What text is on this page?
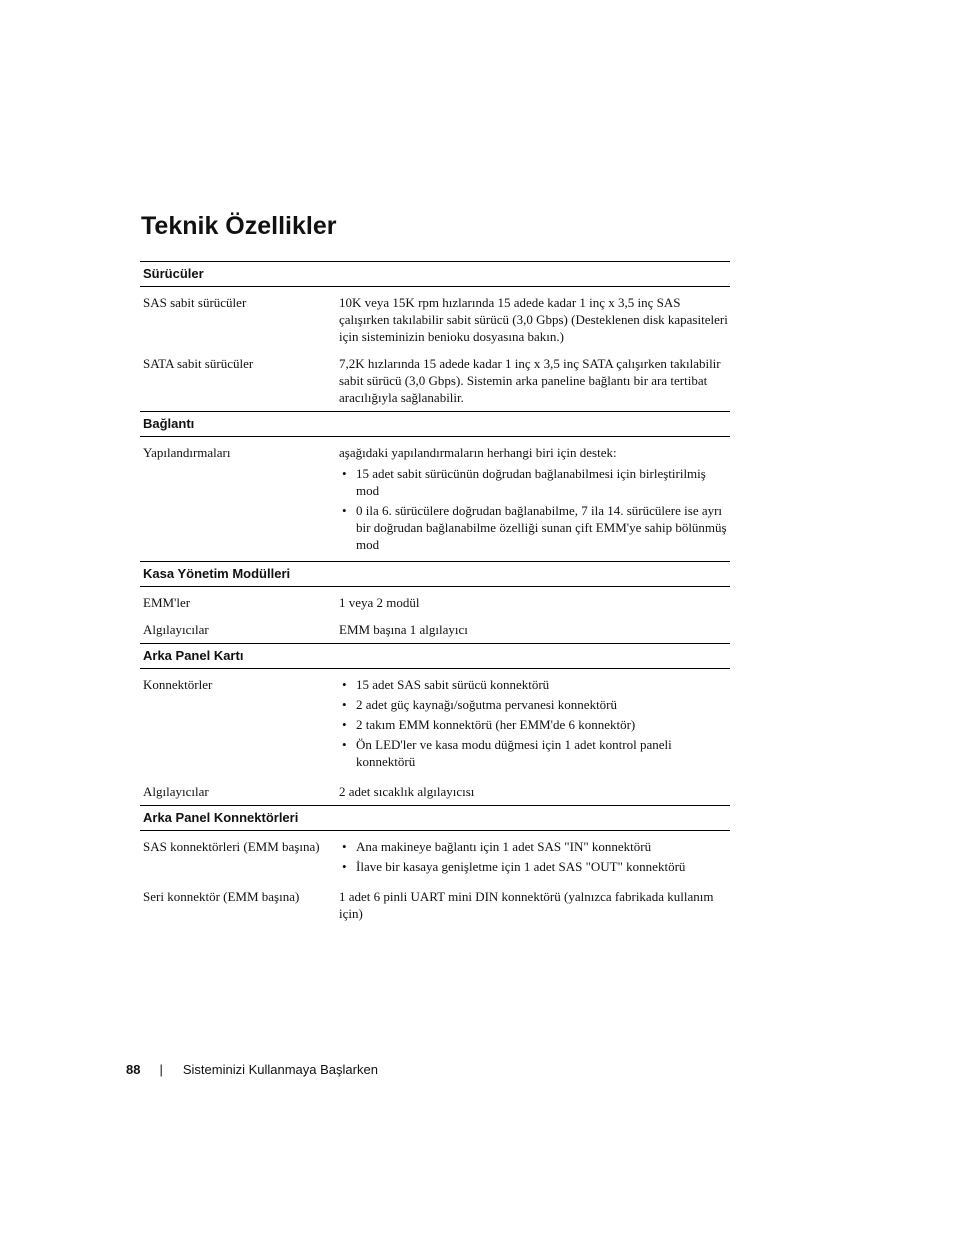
Teknik Özellikler
Sürücüler
SAS sabit sürücüler	10K veya 15K rpm hızlarında 15 adede kadar 1 inç x 3,5 inç SAS çalışırken takılabilir sabit sürücü (3,0 Gbps) (Desteklenen disk kapasiteleri için sisteminizin benioku dosyasına bakın.)
SATA sabit sürücüler	7,2K hızlarında 15 adede kadar 1 inç x 3,5 inç SATA çalışırken takılabilir sabit sürücü (3,0 Gbps). Sistemin arka paneline bağlantı bir ara tertibat aracılığıyla sağlanabilir.
Bağlantı
Yapılandırmaları	aşağıdaki yapılandırmaların herhangi biri için destek:
• 15 adet sabit sürücünün doğrudan bağlanabilmesi için birleştirilmiş mod
• 0 ila 6. sürücülere doğrudan bağlanabilme, 7 ila 14. sürücülere ise ayrı bir doğrudan bağlanabilme özelliği sunan çift EMM'ye sahip bölünmüş mod
Kasa Yönetim Modülleri
EMM'ler	1 veya 2 modül
Algılayıcılar	EMM başına 1 algılayıcı
Arka Panel Kartı
Konnektörler	• 15 adet SAS sabit sürücü konnektörü
• 2 adet güç kaynağı/soğutma pervanesi konnektörü
• 2 takım EMM konnektörü (her EMM'de 6 konnektör)
• Ön LED'ler ve kasa modu düğmesi için 1 adet kontrol paneli konnektörü
Algılayıcılar	2 adet sıcaklık algılayıcısı
Arka Panel Konnektörleri
SAS konnektörleri (EMM başına)	• Ana makineye bağlantı için 1 adet SAS "IN" konnektörü
• İlave bir kasaya genişletme için 1 adet SAS "OUT" konnektörü
Seri konnektör (EMM başına)	1 adet 6 pinli UART mini DIN konnektörü (yalnızca fabrikada kullanım için)
88 | Sisteminizi Kullanmaya Başlarken
